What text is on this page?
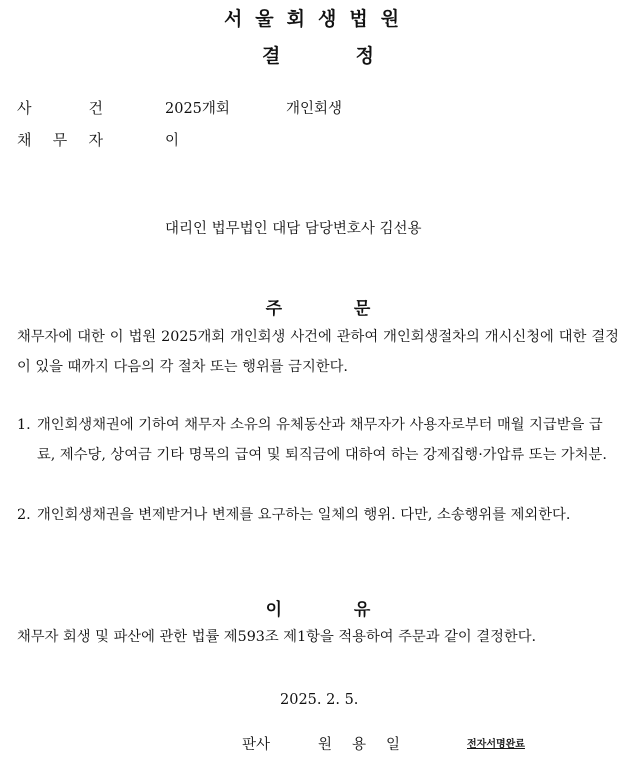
서울회생법원
결	정
사	건	2025개회	개인회생
채 무 자	이
대리인 법무법인 대담 담당변호사 김선용
주	문
채무자에 대한 이 법원 2025개회 개인회생 사건에 관하여 개인회생절차의 개시신청에 대한 결정이 있을 때까지 다음의 각 절차 또는 행위를 금지한다.
1. 개인회생채권에 기하여 채무자 소유의 유체동산과 채무자가 사용자로부터 매월 지급받을 급료, 제수당, 상여금 기타 명목의 급여 및 퇴직금에 대하여 하는 강제집행·가압류 또는 가처분.
2. 개인회생채권을 변제받거나 변제를 요구하는 일체의 행위. 다만, 소송행위를 제외한다.
이	유
채무자 회생 및 파산에 관한 법률 제593조 제1항을 적용하여 주문과 같이 결정한다.
2025. 2. 5.
판사	원 용 일	전자서명완료
